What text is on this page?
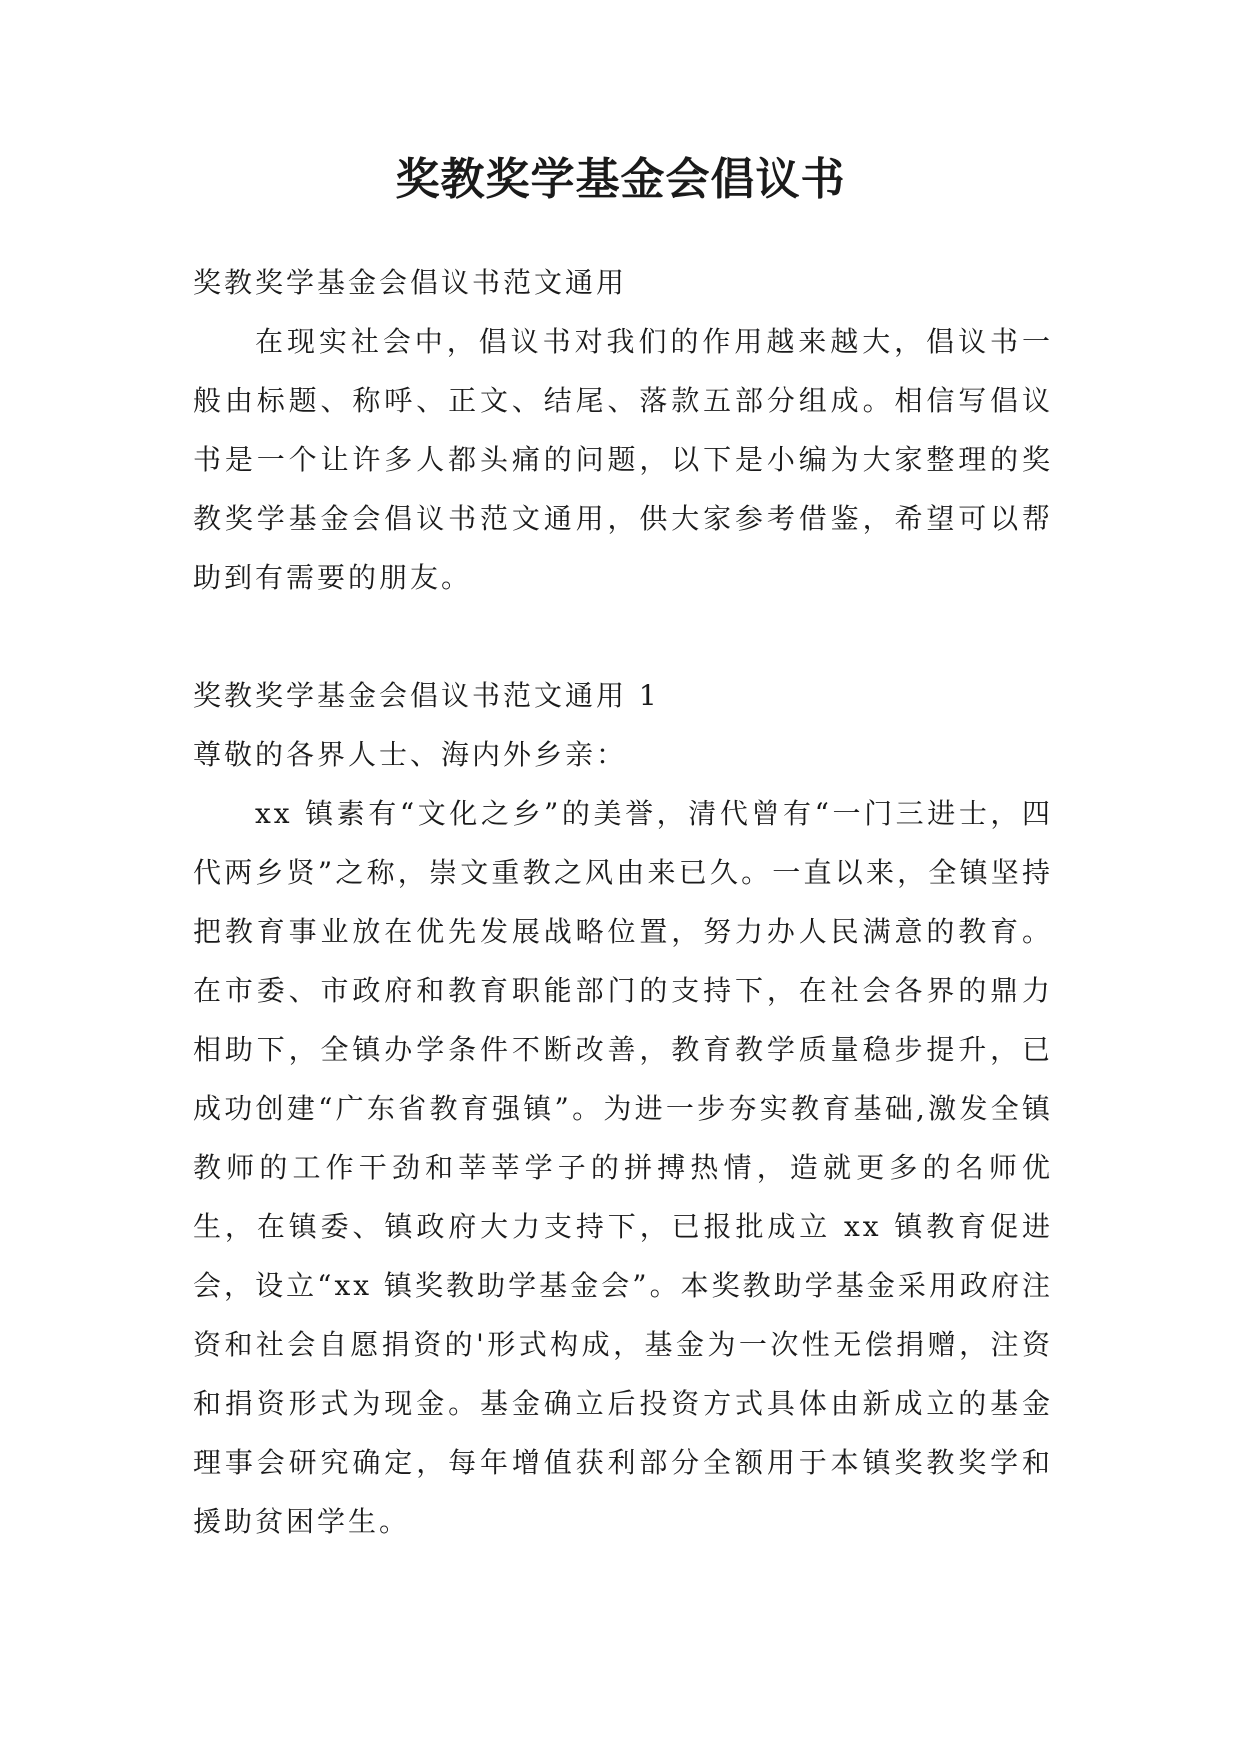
奖教奖学基金会倡议书

奖教奖学基金会倡议书范文通用

在现实社会中，倡议书对我们的作用越来越大，倡议书一般由标题、称呼、正文、结尾、落款五部分组成。相信写倡议书是一个让许多人都头痛的问题，以下是小编为大家整理的奖教奖学基金会倡议书范文通用，供大家参考借鉴，希望可以帮助到有需要的朋友。

奖教奖学基金会倡议书范文通用 1

尊敬的各界人士、海内外乡亲：

xx 镇素有“文化之乡”的美誉，清代曾有“一门三进士，四代两乡贤”之称，崇文重教之风由来已久。一直以来，全镇坚持把教育事业放在优先发展战略位置，努力办人民满意的教育。在市委、市政府和教育职能部门的支持下，在社会各界的鼎力相助下，全镇办学条件不断改善，教育教学质量稳步提升，已成功创建“广东省教育强镇”。为进一步夯实教育基础,激发全镇教师的工作干劲和莘莘学子的拼搏热情，造就更多的名师优生，在镇委、镇政府大力支持下，已报批成立 xx 镇教育促进会，设立“xx 镇奖教助学基金会”。本奖教助学基金采用政府注资和社会自愿捐资的'形式构成，基金为一次性无偿捐赠，注资和捐资形式为现金。基金确立后投资方式具体由新成立的基金理事会研究确定，每年增值获利部分全额用于本镇奖教奖学和援助贫困学生。
